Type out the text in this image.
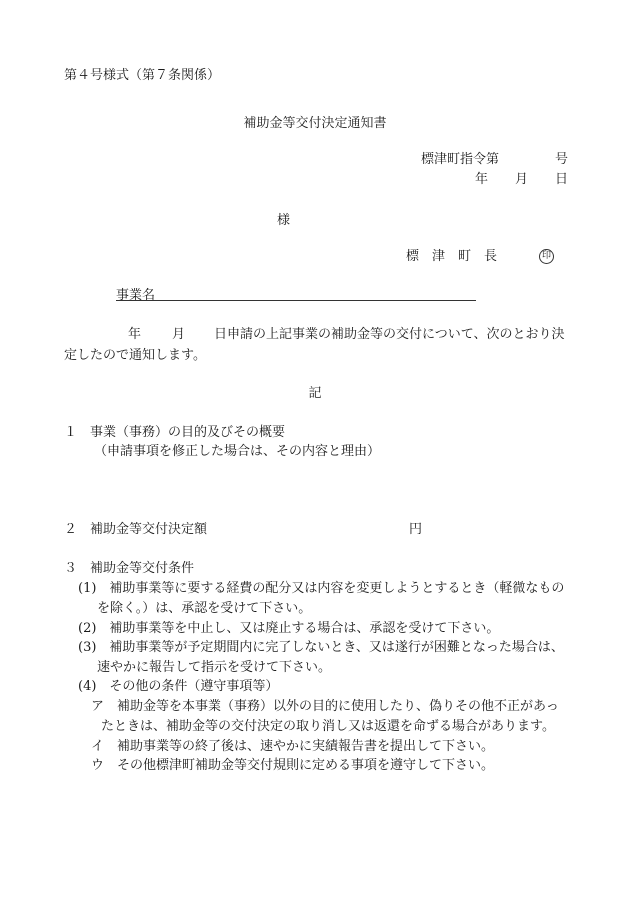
第４号様式（第７条関係）
補助金等交付決定通知書
標津町指令第	号
年 月 日
様
標　津　町　長	印
事業名
年 月 日申請の上記事業の補助金等の交付について、次のとおり決
定したので通知します。
記
１　事業（事務）の目的及びその概要
（申請事項を修正した場合は、その内容と理由）
２　補助金等交付決定額	円
３　補助金等交付条件
(1)　補助事業等に要する経費の配分又は内容を変更しようとするとき（軽微なもの
を除く。）は、承認を受けて下さい。
(2)　補助事業等を中止し、又は廃止する場合は、承認を受けて下さい。
(3)　補助事業等が予定期間内に完了しないとき、又は遂行が困難となった場合は、
速やかに報告して指示を受けて下さい。
(4)　その他の条件（遵守事項等）
ア　補助金等を本事業（事務）以外の目的に使用したり、偽りその他不正があっ
たときは、補助金等の交付決定の取り消し又は返還を命ずる場合があります。
イ　補助事業等の終了後は、速やかに実績報告書を提出して下さい。
ウ　その他標津町補助金等交付規則に定める事項を遵守して下さい。
